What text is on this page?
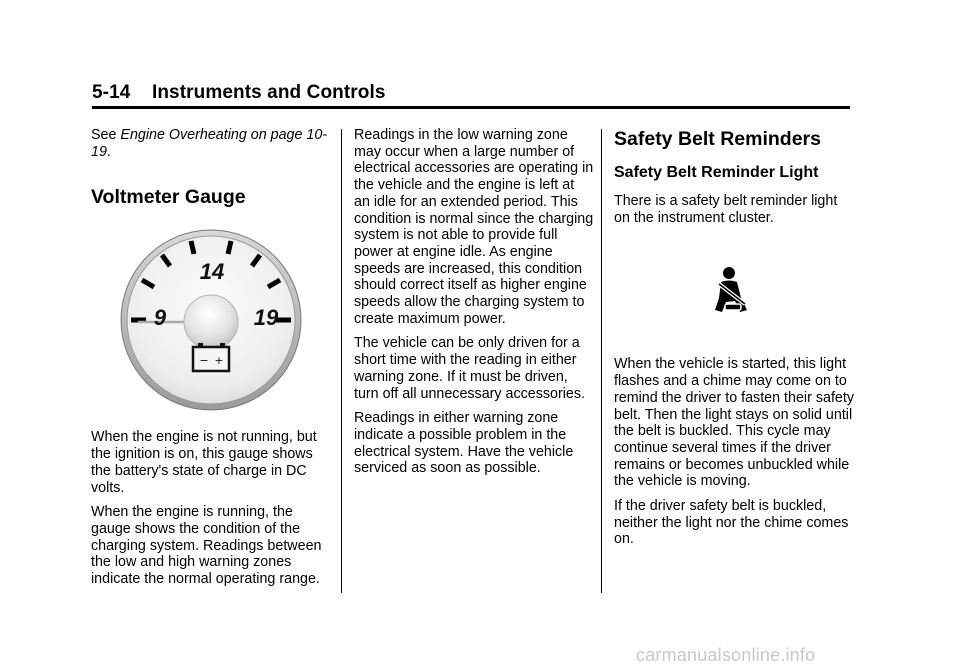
5-14 Instruments and Controls

See Engine Overheating on page 10-19.

Voltmeter Gauge
14
9	19
− +

When the engine is not running, but the ignition is on, this gauge shows the battery's state of charge in DC volts.

When the engine is running, the gauge shows the condition of the charging system. Readings between the low and high warning zones indicate the normal operating range.

Readings in the low warning zone may occur when a large number of electrical accessories are operating in the vehicle and the engine is left at an idle for an extended period. This condition is normal since the charging system is not able to provide full power at engine idle. As engine speeds are increased, this condition should correct itself as higher engine speeds allow the charging system to create maximum power.

The vehicle can be only driven for a short time with the reading in either warning zone. If it must be driven, turn off all unnecessary accessories.

Readings in either warning zone indicate a possible problem in the electrical system. Have the vehicle serviced as soon as possible.

Safety Belt Reminders
Safety Belt Reminder Light

There is a safety belt reminder light on the instrument cluster.

When the vehicle is started, this light flashes and a chime may come on to remind the driver to fasten their safety belt. Then the light stays on solid until the belt is buckled. This cycle may continue several times if the driver remains or becomes unbuckled while the vehicle is moving.

If the driver safety belt is buckled, neither the light nor the chime comes on.

carmanualsonline.info
